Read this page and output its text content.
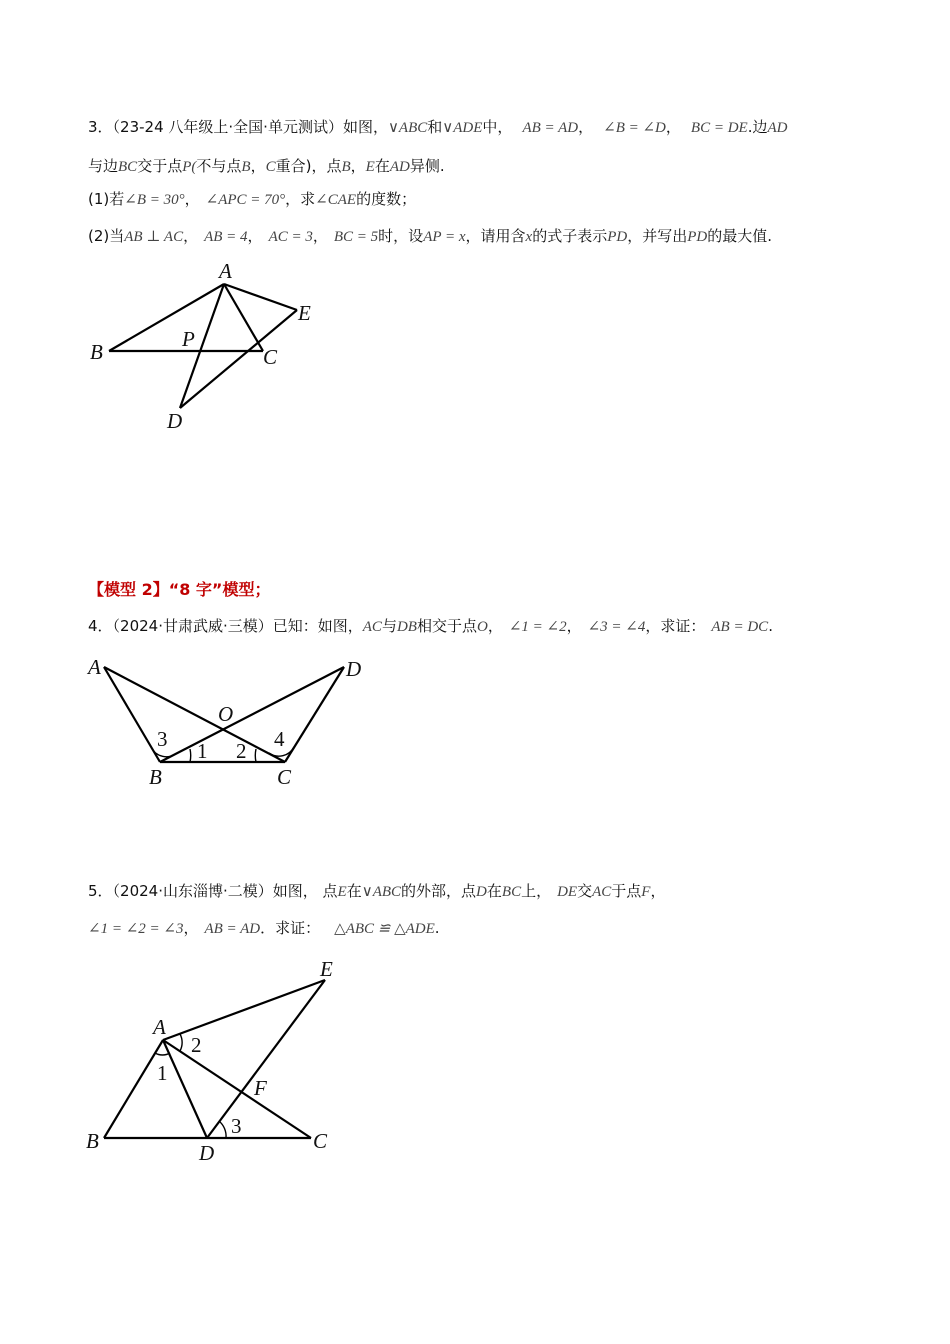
3．（23-24 八年级上·全国·单元测试）如图，∨ABC和∨ADE中， AB = AD， ∠B = ∠D， BC = DE.边AD
与边BC交于点P(不与点B，C重合)，点B，E在AD异侧.
(1)若∠B = 30°， ∠APC = 70°，求∠CAE的度数；
(2)当AB ⊥ AC， AB = 4， AC = 3， BC = 5时，设AP = x，请用含x的式子表示PD，并写出PD的最大值.
A
B	C
D
E
P
【模型 2】“8 字”模型；
4．（2024·甘肃武威·三模）已知：如图，AC与DB相交于点O， ∠1 = ∠2， ∠3 = ∠4，求证： AB = DC.
A
B	C
D
O
3 1 2 4
5．（2024·山东淄博·二模）如图， 点E在∨ABC的外部，点D在BC上， DE交AC于点F，
∠1 = ∠2 = ∠3， AB = AD．求证： △ABC ≌ △ADE.
A
B	C
D
E
F
1
2
3
